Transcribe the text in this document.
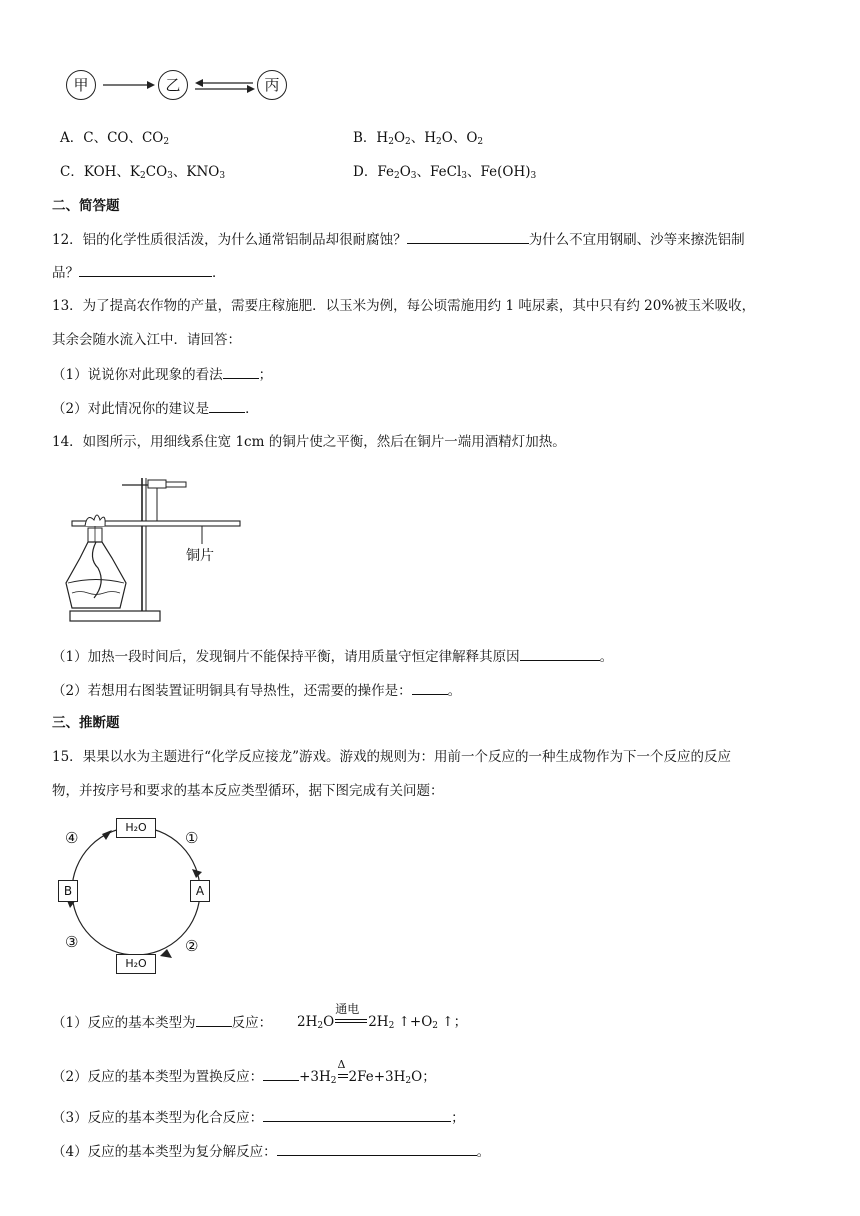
甲	乙	丙
A．C、CO、$CO_2$	B．$H_2O_2$、$H_2O$、$O_2$
C．KOH、$K_2CO_3$、$KNO_3$	D．$Fe_2O_3$、FeCl$_3$、$Fe(OH)_3$
二、简答题
12．铝的化学性质很活泼，为什么通常铝制品却很耐腐蚀？	为什么不宜用钢刷、沙等来擦洗铝制
品？	．
13．为了提高农作物的产量，需要庄稼施肥．以玉米为例，每公顷需施用约 1 吨尿素，其中只有约 20%被玉米吸收，
其余会随水流入江中．请回答：
（1）说说你对此现象的看法	；
（2）对此情况你的建议是	．
14．如图所示，用细线系住宽 1cm 的铜片使之平衡，然后在铜片一端用酒精灯加热。
铜片
（1）加热一段时间后，发现铜片不能保持平衡，请用质量守恒定律解释其原因	。
（2）若想用右图装置证明铜具有导热性，还需要的操作是：	。
三、推断题
15．果果以水为主题进行“化学反应接龙”游戏。游戏的规则为：用前一个反应的一种生成物作为下一个反应的反应
物，并按序号和要求的基本反应类型循环，据下图完成有关问题：
H₂O
A
H₂O
B
①
②
③
④
（1）反应的基本类型为	反应： $2H_2O$
通电
$2H_2$ $↑+O_2$ ↑；
（2）反应的基本类型为置换反应：	$+3H_2$
Δ
$2Fe+3H_2O$；
（3）反应的基本类型为化合反应：	；
（4）反应的基本类型为复分解反应：	。
